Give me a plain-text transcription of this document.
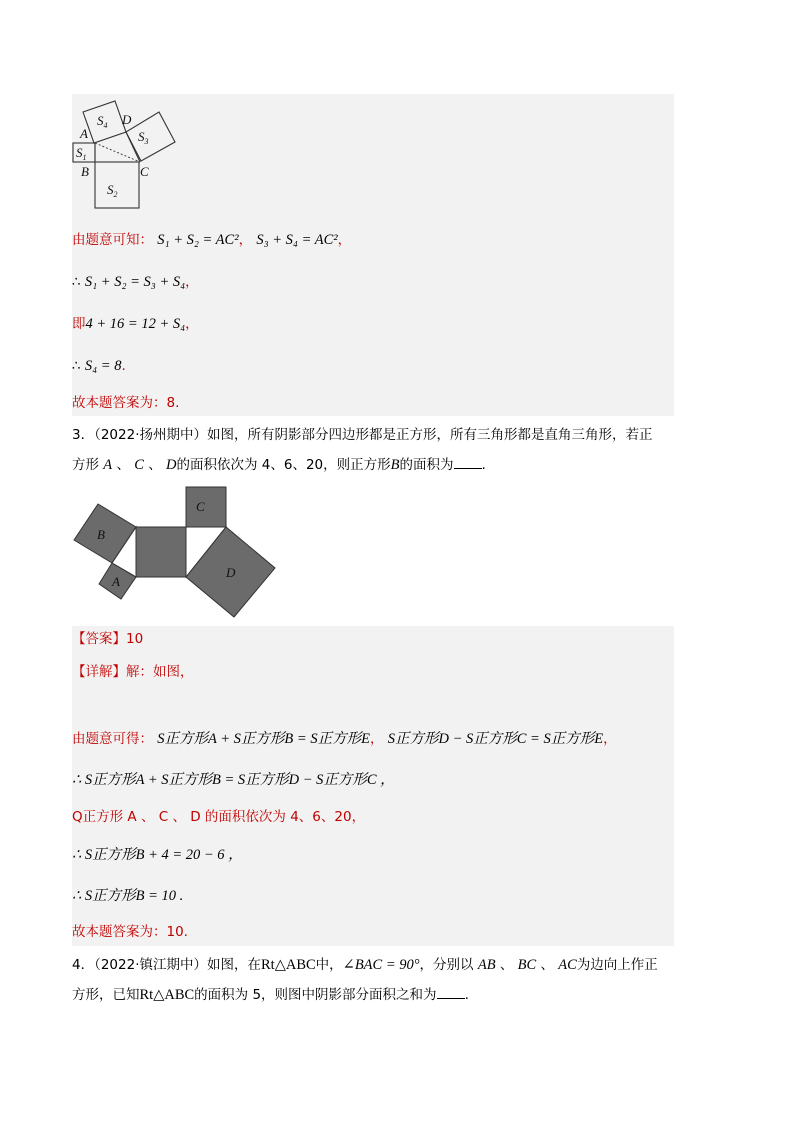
$S_4$ D
$S_3$
A
$S_1$
B	C
$S_2$
由题意可知： S₁ + S₂ = AC²， S₃ + S₄ = AC²，
∴ S₁ + S₂ = S₃ + S₄，
即4 + 16 = 12 + S₄，
∴ S₄ = 8.
故本题答案为：8.
3．（2022·扬州期中）如图，所有阴影部分四边形都是正方形，所有三角形都是直角三角形，若正
方形 A 、 C 、 D的面积依次为 4、6、20，则正方形B的面积为 .
B
C
A
D
【答案】10
【详解】解：如图，
由题意可得： S正方形A + S正方形B = S正方形E， S正方形D − S正方形C = S正方形E，
∴ S正方形A + S正方形B = S正方形D − S正方形C ，
Q正方形 A 、 C 、 D 的面积依次为 4、6、20，
∴ S正方形B + 4 = 20 − 6 ，
∴ S正方形B = 10 .
故本题答案为：10.
4．（2022·镇江期中）如图，在Rt△ABC中，∠BAC = 90°，分别以 AB 、 BC 、 AC为边向上作正
方形，已知Rt△ABC的面积为 5，则图中阴影部分面积之和为 .
